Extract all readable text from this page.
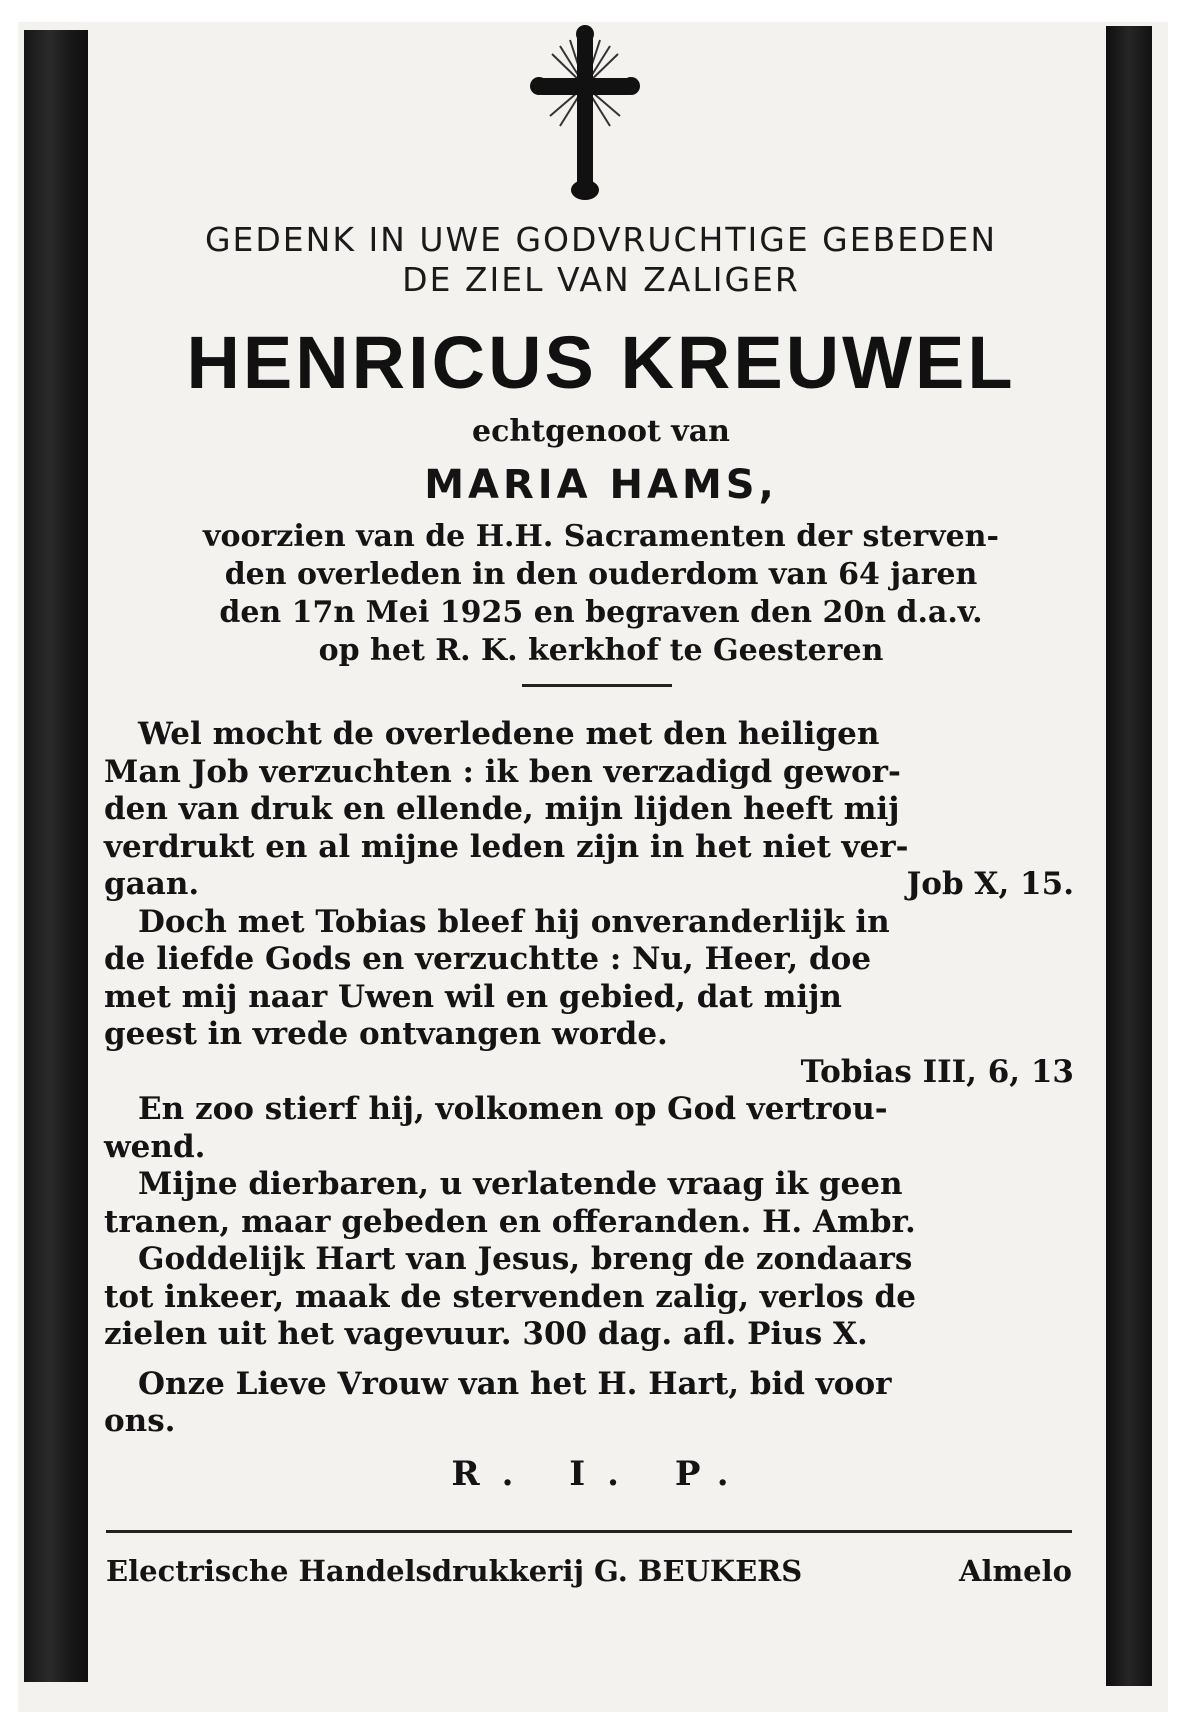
GEDENK IN UWE GODVRUCHTIGE GEBEDEN
DE ZIEL VAN ZALIGER
HENRICUS KREUWEL
echtgenoot van
MARIA HAMS,
voorzien van de H.H. Sacramenten der sterven-
den overleden in den ouderdom van 64 jaren
den 17n Mei 1925 en begraven den 20n d.a.v.
op het R. K. kerkhof te Geesteren
Wel mocht de overledene met den heiligen
Man Job verzuchten : ik ben verzadigd gewor-
den van druk en ellende, mijn lijden heeft mij
verdrukt en al mijne leden zijn in het niet ver-
gaan.	Job X, 15.
Doch met Tobias bleef hij onveranderlijk in
de liefde Gods en verzuchtte : Nu, Heer, doe
met mij naar Uwen wil en gebied, dat mijn
geest in vrede ontvangen worde.
Tobias III, 6, 13
En zoo stierf hij, volkomen op God vertrou-
wend.
Mijne dierbaren, u verlatende vraag ik geen
tranen, maar gebeden en offeranden. H. Ambr.
Goddelijk Hart van Jesus, breng de zondaars
tot inkeer, maak de stervenden zalig, verlos de
zielen uit het vagevuur. 300 dag. afl. Pius X.
Onze Lieve Vrouw van het H. Hart, bid voor
ons.
R. I. P.
Electrische Handelsdrukkerij G. BEUKERS	Almelo
